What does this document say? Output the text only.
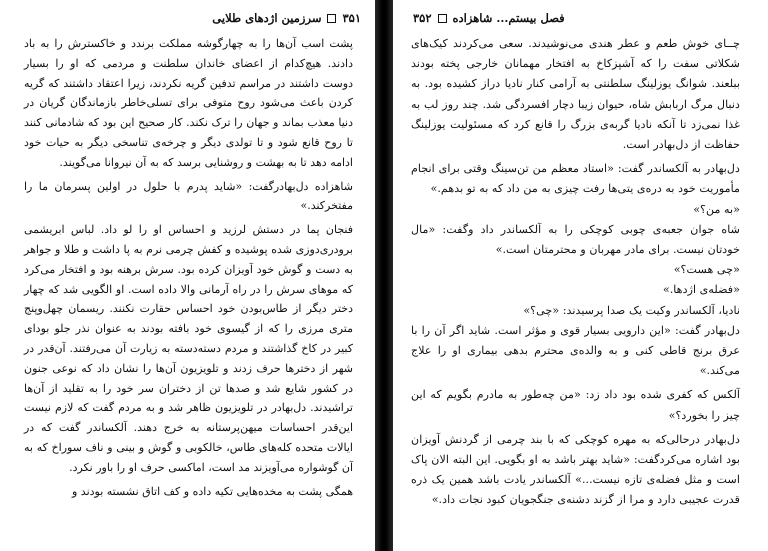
۳۵۱
سرزمین اژدهای طلایی

پشت اسب آن‌ها را به چهارگوشه مملکت برندد و خاکسترش را به باد دادند. هیچ‌کدام از اعضای خاندان سلطنت و مردمی که او را بسیار دوست داشتند در مراسم تدفین گریه نکردند، زیرا اعتقاد داشتند که گریه کردن باعث می‌شود روح متوفی برای تسلی‌خاطر بازماندگان گریان در دنیا معذب بماند و جهان را ترک نکند. کار صحیح این بود که شادمانی کنند تا روح قانع شود و تا تولدی دیگر و چرخه‌ی تناسخی دیگر به حیات خود ادامه دهد تا به بهشت و روشنایی برسد که به آن نیروانا می‌گویند.

شاهزاده دل‌بهادرگفت: «شاید پدرم با حلول در اولین پسرمان ما را مفتخرکند.»

فنجان پما در دستش لرزید و احساس او را لو داد. لباس ابریشمی برودری‌دوزی شده پوشیده و کفش چرمی نرم به پا داشت و طلا و جواهر به دست و گوش خود آویزان کرده بود. سرش برهنه بود و افتخار می‌کرد که موهای سرش را در راه آرمانی والا داده است. او الگویی شد که چهار دختر دیگر از طاس‌بودن خود احساس حقارت نکنند. ریسمان چهل‌وپنج متری مرزی را که از گیسوی خود بافته بودند به عنوان نذر جلو بودای کبیر در کاخ گذاشتند و مردم دسته‌دسته به زیارت آن می‌رفتند. آن‌قدر در شهر از دخترها حرف زدند و تلویزیون آن‌ها را نشان داد که نوعی جنون در کشور شایع شد و صدها تن از دختران سر خود را به تقلید از آن‌ها تراشیدند. دل‌بهادر در تلویزیون ظاهر شد و به مردم گفت که لازم نیست این‌قدر احساسات میهن‌پرستانه به خرج دهند. آلکساندر گفت که در ایالات متحده کله‌های طاس، خالکوبی و گوش و بینی و ناف سوراخ که به آن گوشواره می‌آویزند مد است، اماکسی حرف او را باور نکرد.

همگی پشت به مخده‌هایی تکیه داده و کف اتاق نشسته بودند و

فصل بیستم... شاهزاده
۳۵۲

چــای خوش طعم و عطر هندی می‌نوشیدند. سعی می‌کردند کیک‌های شکلاتی سفت را که آشپزکاخ به افتخار مهمانان خارجی پخته بودند ببلعند. شوانگ یوزلینگ سلطنتی به آرامی کنار نادیا دراز کشیده بود. به دنبال مرگ اربابش شاه، حیوان زیبا دچار افسردگی شد. چند روز لب به غذا نمی‌زد تا آنکه نادیا گربه‌ی بزرگ را قانع کرد که مسئولیت یوزلینگ حفاظت از دل‌بهادر است.

دل‌بهادر به آلکساندر گفت: «استاد معظم من تن‌سینگ وقتی برای انجام مأموریت خود به دره‌ی یتی‌ها رفت چیزی به من داد که به تو بدهم.»

«به من؟»

شاه جوان جعبه‌ی چوبی کوچکی را به آلکساندر داد وگفت: «مال خودتان نیست. برای مادر مهربان و محترمتان است.»

«چی هست؟»

«فضله‌ی اژدها.»

نادیا، آلکساندر وکیت یک صدا پرسیدند: «چی؟»

دل‌بهادر گفت: «این دارویی بسیار قوی و مؤثر است. شاید اگر آن را با عرق برنج قاطی کنی و به والده‌ی محترم بدهی بیماری او را علاج می‌کند.»

آلکس که کفری شده بود داد زد: «من چه‌طور به مادرم بگویم که این چیز را بخورد؟»

دل‌بهادر درحالی‌که به مهره کوچکی که با بند چرمی از گردنش آویزان بود اشاره می‌کردگفت: «شاید بهتر باشد به او بگویی. این البته الان پاک است و مثل فضله‌ی تازه نیست...» آلکساندر یادت باشد همین یک ذره قدرت عجیبی دارد و مرا از گزند دشنه‌ی جنگجویان کبود نجات داد.»
